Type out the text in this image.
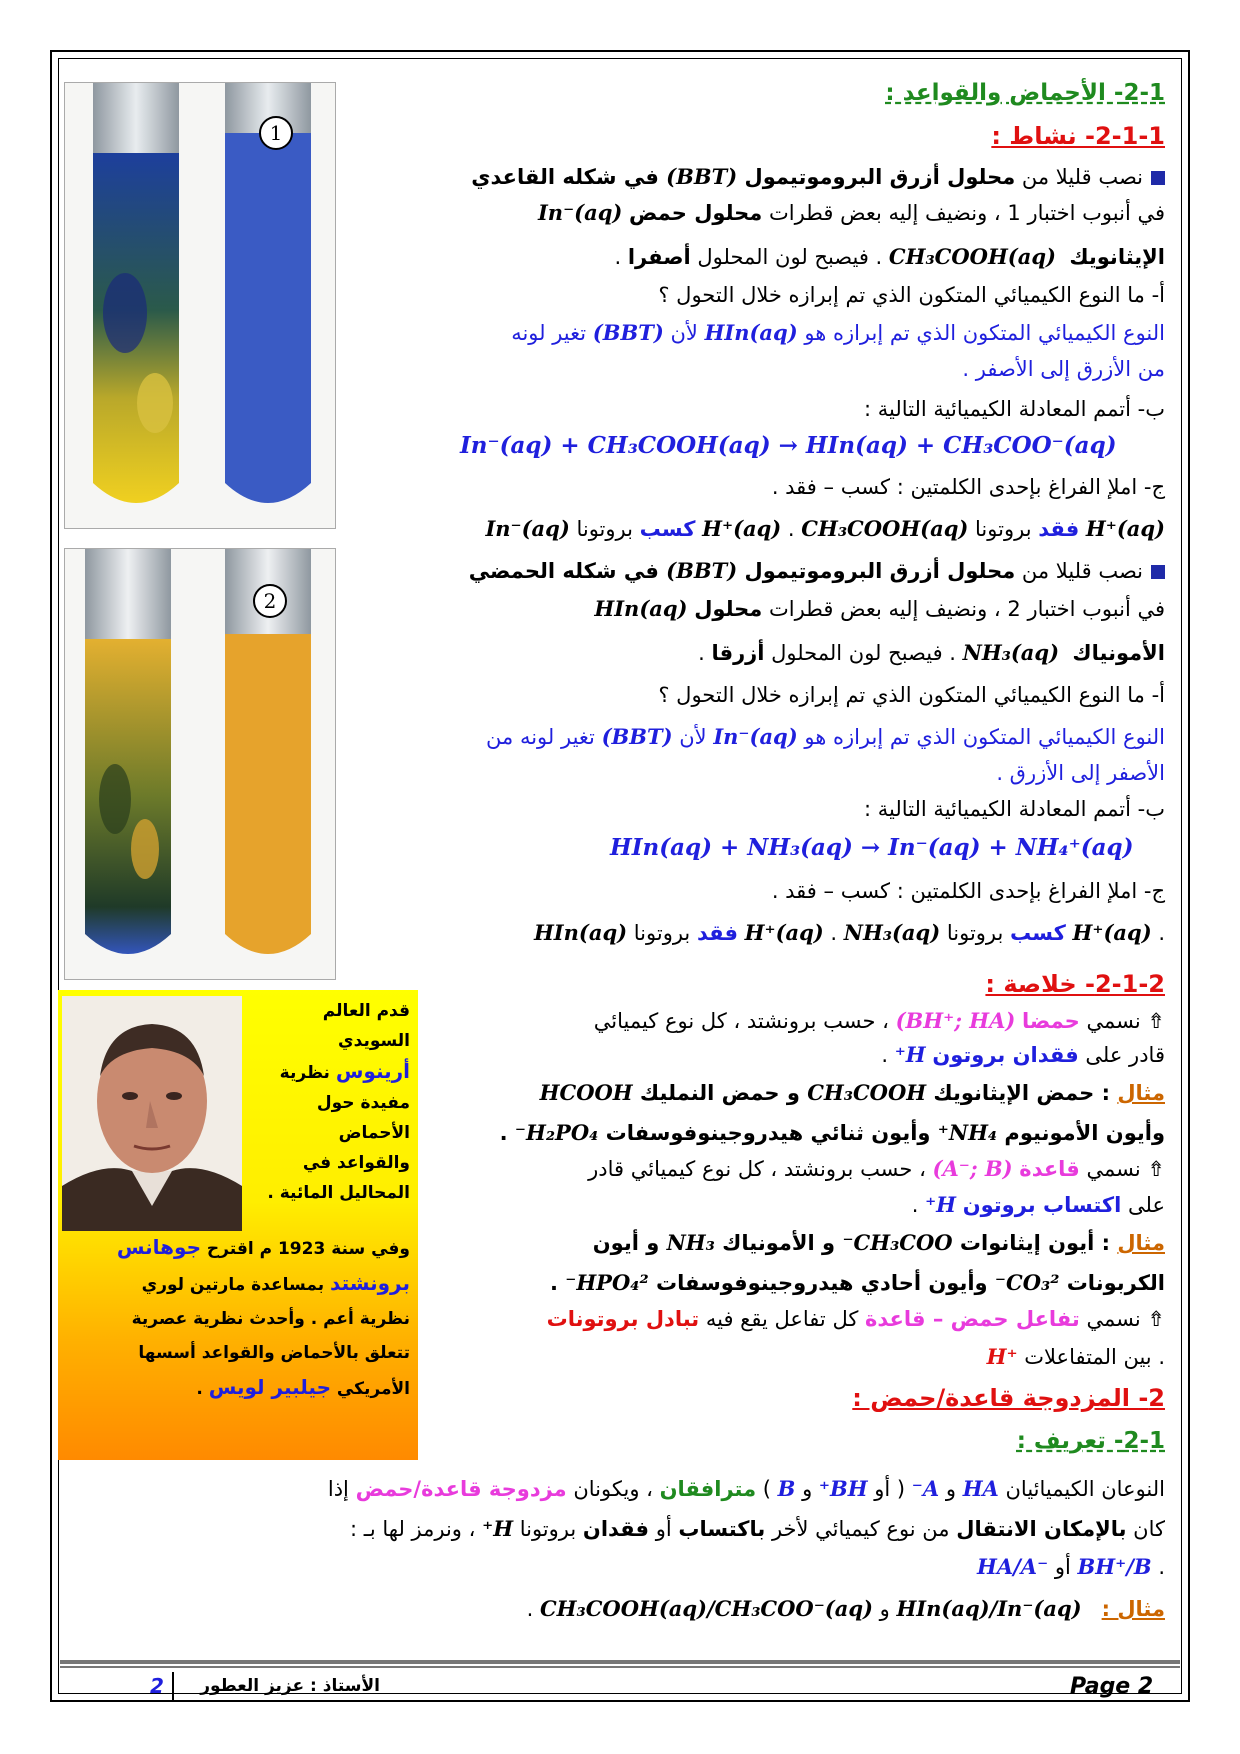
1
2
2-1- الأحماض والقواعد :
2-1-1- نشاط :
نصب قليلا من محلول أزرق البروموتيمول (BBT) في شكله القاعدي
In⁻(aq) في أنبوب اختبار 1 ، ونضيف إليه بعض قطرات محلول حمض
الإيثانويك  CH₃COOH(aq) . فيصبح لون المحلول أصفرا .
أ- ما النوع الكيميائي المتكون الذي تم إبرازه خلال التحول ؟
النوع الكيميائي المتكون الذي تم إبرازه هو HIn(aq) لأن (BBT) تغير لونه
من الأزرق إلى الأصفر .
ب- أتمم المعادلة الكيميائية التالية :
In⁻(aq) + CH₃COOH(aq) → HIn(aq) + CH₃COO⁻(aq)
ج- املإ الفراغ بإحدى الكلمتين : كسب – فقد .
In⁻(aq)	كسب بروتونا H⁺(aq) . CH₃COOH(aq)	فقد بروتونا H⁺(aq)
نصب قليلا من محلول أزرق البروموتيمول (BBT) في شكله الحمضي
HIn(aq) في أنبوب اختبار 2 ، ونضيف إليه بعض قطرات محلول
الأمونياك  NH₃(aq) . فيصبح لون المحلول أزرقا .
أ- ما النوع الكيميائي المتكون الذي تم إبرازه خلال التحول ؟
النوع الكيميائي المتكون الذي تم إبرازه هو In⁻(aq) لأن (BBT) تغير لونه من
الأصفر إلى الأزرق .
ب- أتمم المعادلة الكيميائية التالية :
HIn(aq) + NH₃(aq) → In⁻(aq) + NH₄⁺(aq)
ج- املإ الفراغ بإحدى الكلمتين : كسب – فقد .
HIn(aq)	فقد بروتونا H⁺(aq) . NH₃(aq)	كسب بروتونا H⁺(aq) .
قدم العالم
السويدي
أرينوس نظرية
مفيدة حول
الأحماض
والقواعد في
المحاليل المائية .
وفي سنة 1923 م اقترح جوهانس
برونشتد بمساعدة مارتين لوري
نظرية أعم . وأحدث نظرية عصرية
تتعلق بالأحماض والقواعد أسسها
الأمريكي جيلبير لويس .
2-1-2- خلاصة :
⇮ نسمي حمضا (BH⁺; HA) ، حسب برونشتد ، كل نوع كيميائي
قادر على فقدان بروتون H⁺ .
مثال : حمض الإيثانويك CH₃COOH و حمض النمليك HCOOH
وأيون الأمونيوم NH₄⁺ وأيون ثنائي هيدروجينوفوسفات H₂PO₄⁻ .
⇮ نسمي قاعدة (A⁻; B) ، حسب برونشتد ، كل نوع كيميائي قادر
على اكتساب بروتون H⁺ .
مثال : أيون إيثانوات CH₃COO⁻ و الأمونياك NH₃ و أيون
الكربونات CO₃²⁻ وأيون أحادي هيدروجينوفوسفات HPO₄²⁻ .
⇮ نسمي تفاعل حمض – قاعدة كل تفاعل يقع فيه تبادل بروتونات
H⁺ بين المتفاعلات .
2- المزدوجة قاعدة/حمض :
2-1- تعريف :
النوعان الكيميائيان HA و A⁻ ( أو BH⁺ و B ) مترافقان ، ويكونان مزدوجة قاعدة/حمض إذا
كان بالإمكان الانتقال من نوع كيميائي لأخر باكتساب أو فقدان بروتونا H⁺ ، ونرمز لها بـ :
HA/A⁻ أو BH⁺/B .
مثال :   HIn(aq)/In⁻(aq) و CH₃COOH(aq)/CH₃COO⁻(aq) .
Page 2
الأستاذ : عزيز العطور
2
